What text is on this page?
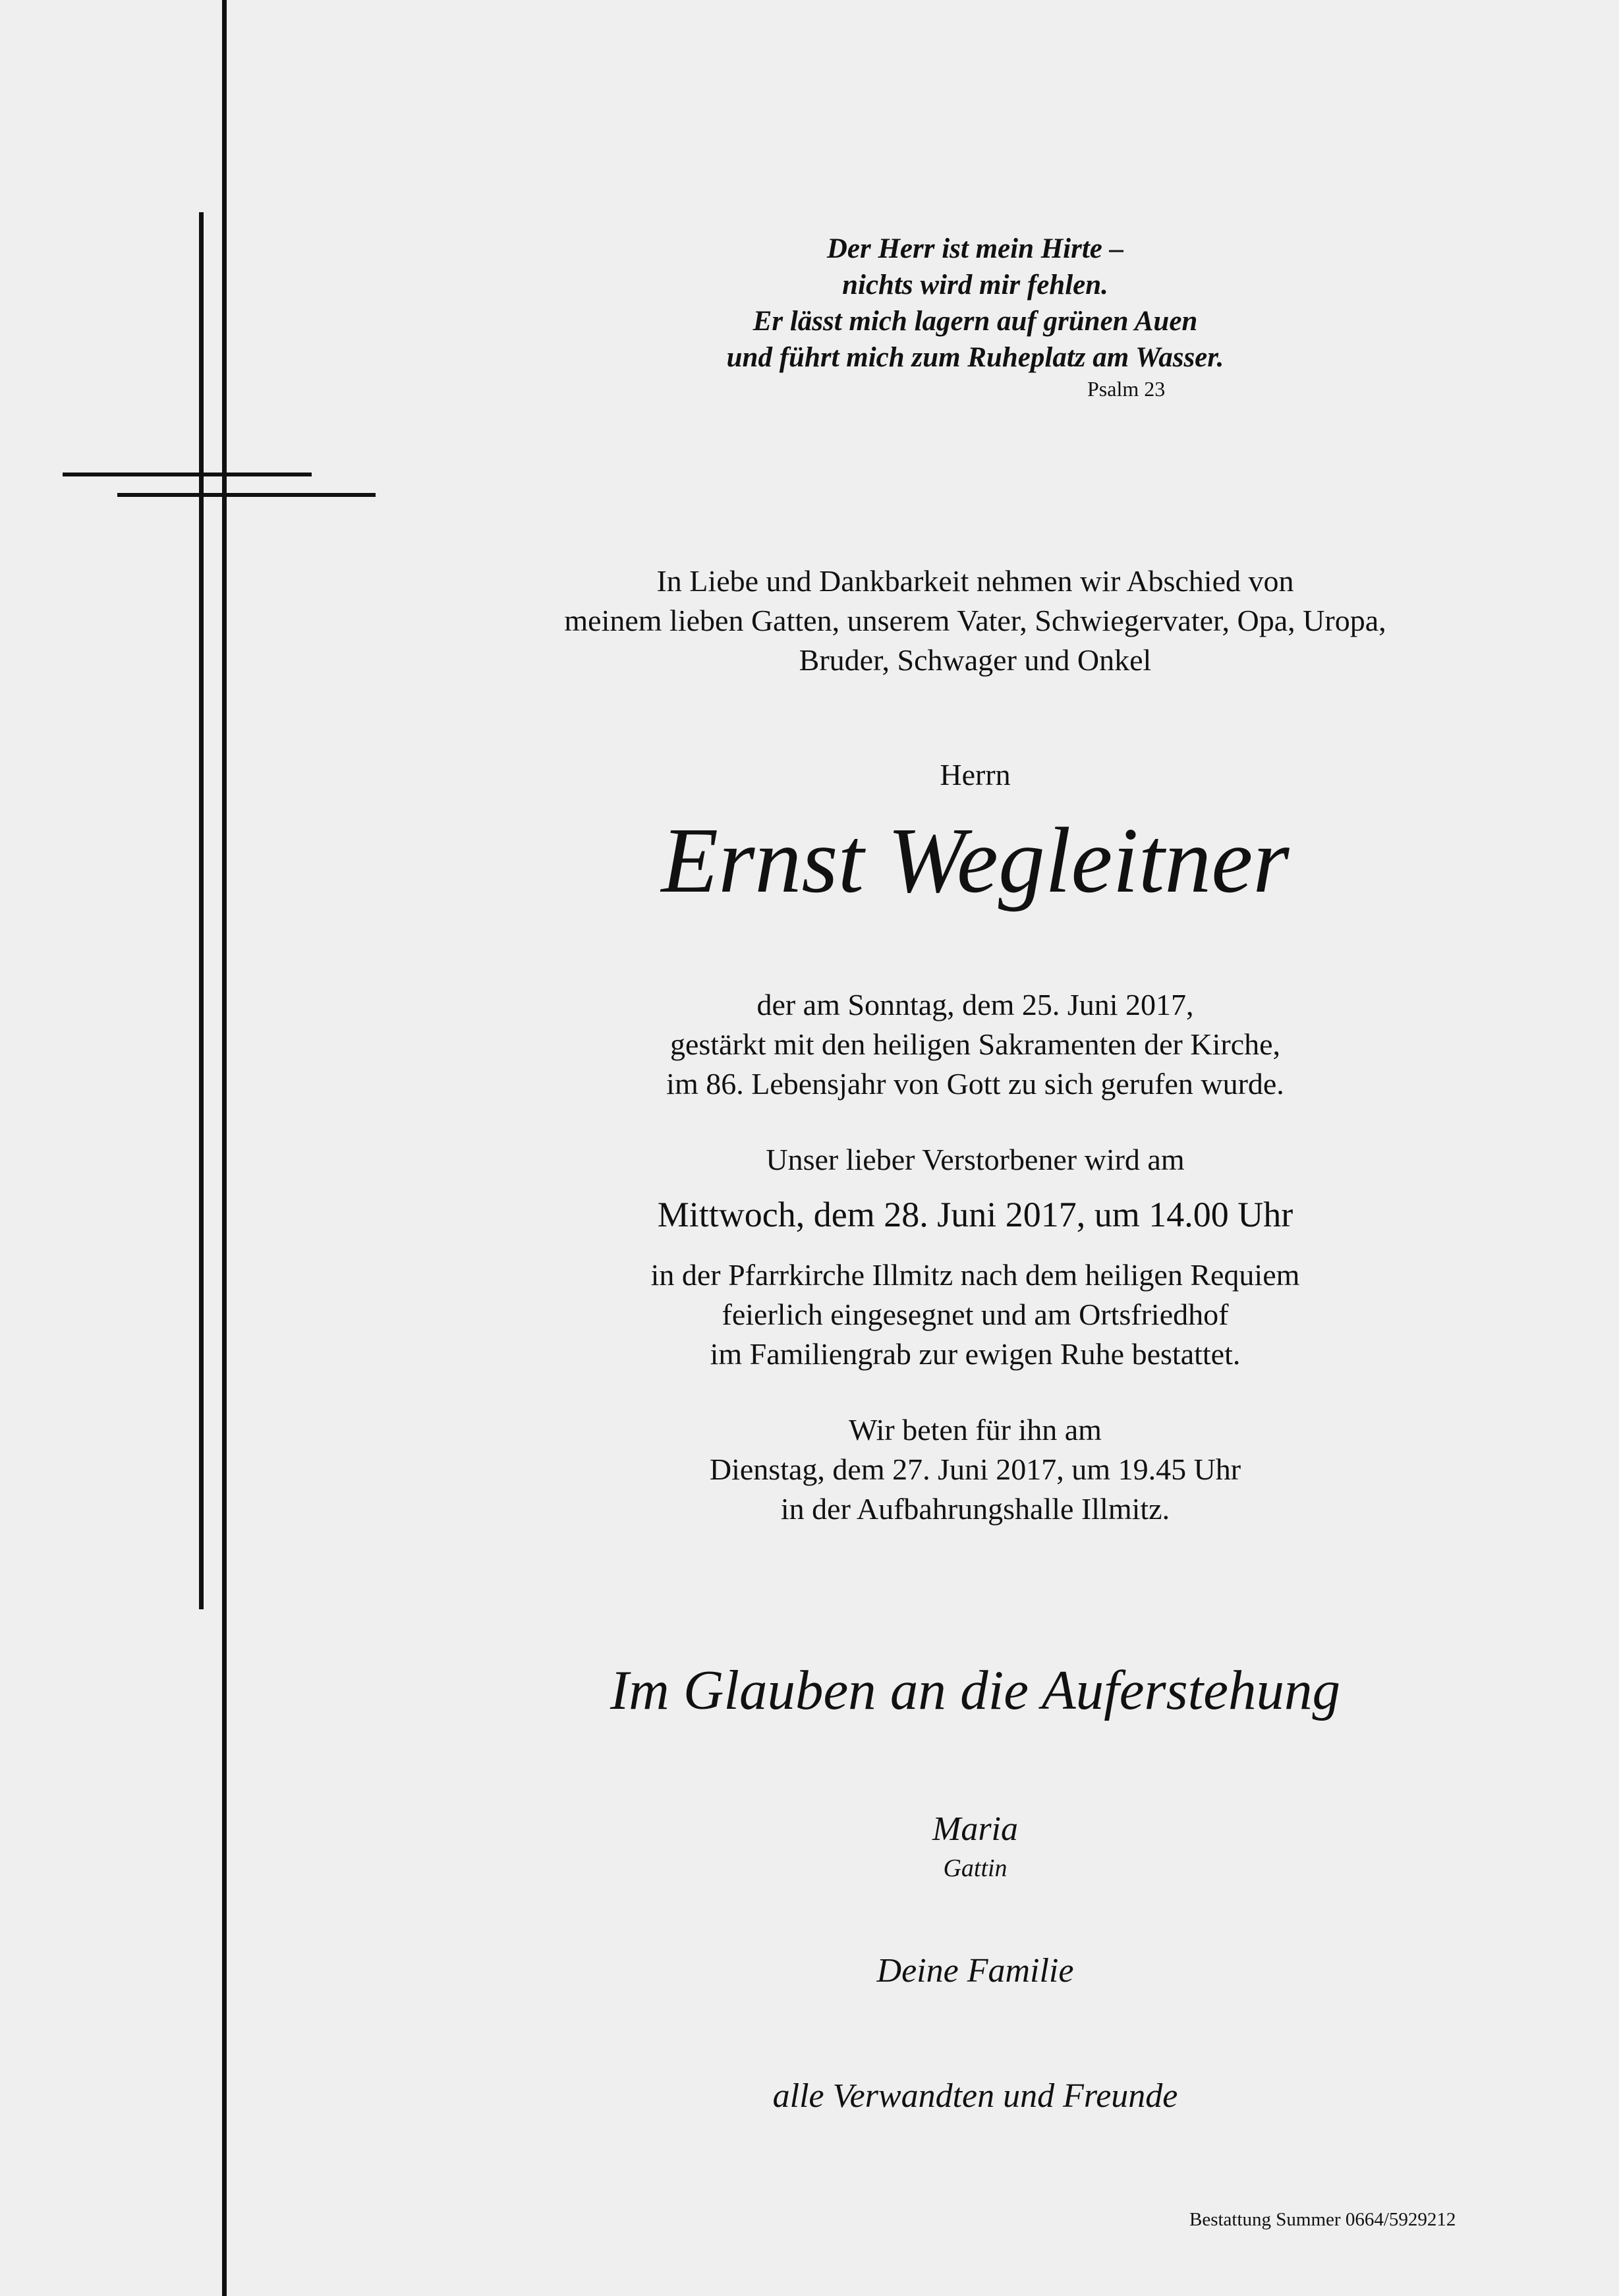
Der Herr ist mein Hirte –
nichts wird mir fehlen.
Er lässt mich lagern auf grünen Auen
und führt mich zum Ruheplatz am Wasser.
Psalm 23
In Liebe und Dankbarkeit nehmen wir Abschied von
meinem lieben Gatten, unserem Vater, Schwiegervater, Opa, Uropa,
Bruder, Schwager und Onkel
Herrn
Ernst Wegleitner
der am Sonntag, dem 25. Juni 2017,
gestärkt mit den heiligen Sakramenten der Kirche,
im 86. Lebensjahr von Gott zu sich gerufen wurde.
Unser lieber Verstorbener wird am
Mittwoch, dem 28. Juni 2017, um 14.00 Uhr
in der Pfarrkirche Illmitz nach dem heiligen Requiem
feierlich eingesegnet und am Ortsfriedhof
im Familiengrab zur ewigen Ruhe bestattet.
Wir beten für ihn am
Dienstag, dem 27. Juni 2017, um 19.45 Uhr
in der Aufbahrungshalle Illmitz.
Im Glauben an die Auferstehung
Maria
Gattin
Deine Familie
alle Verwandten und Freunde
Bestattung Summer 0664/5929212
